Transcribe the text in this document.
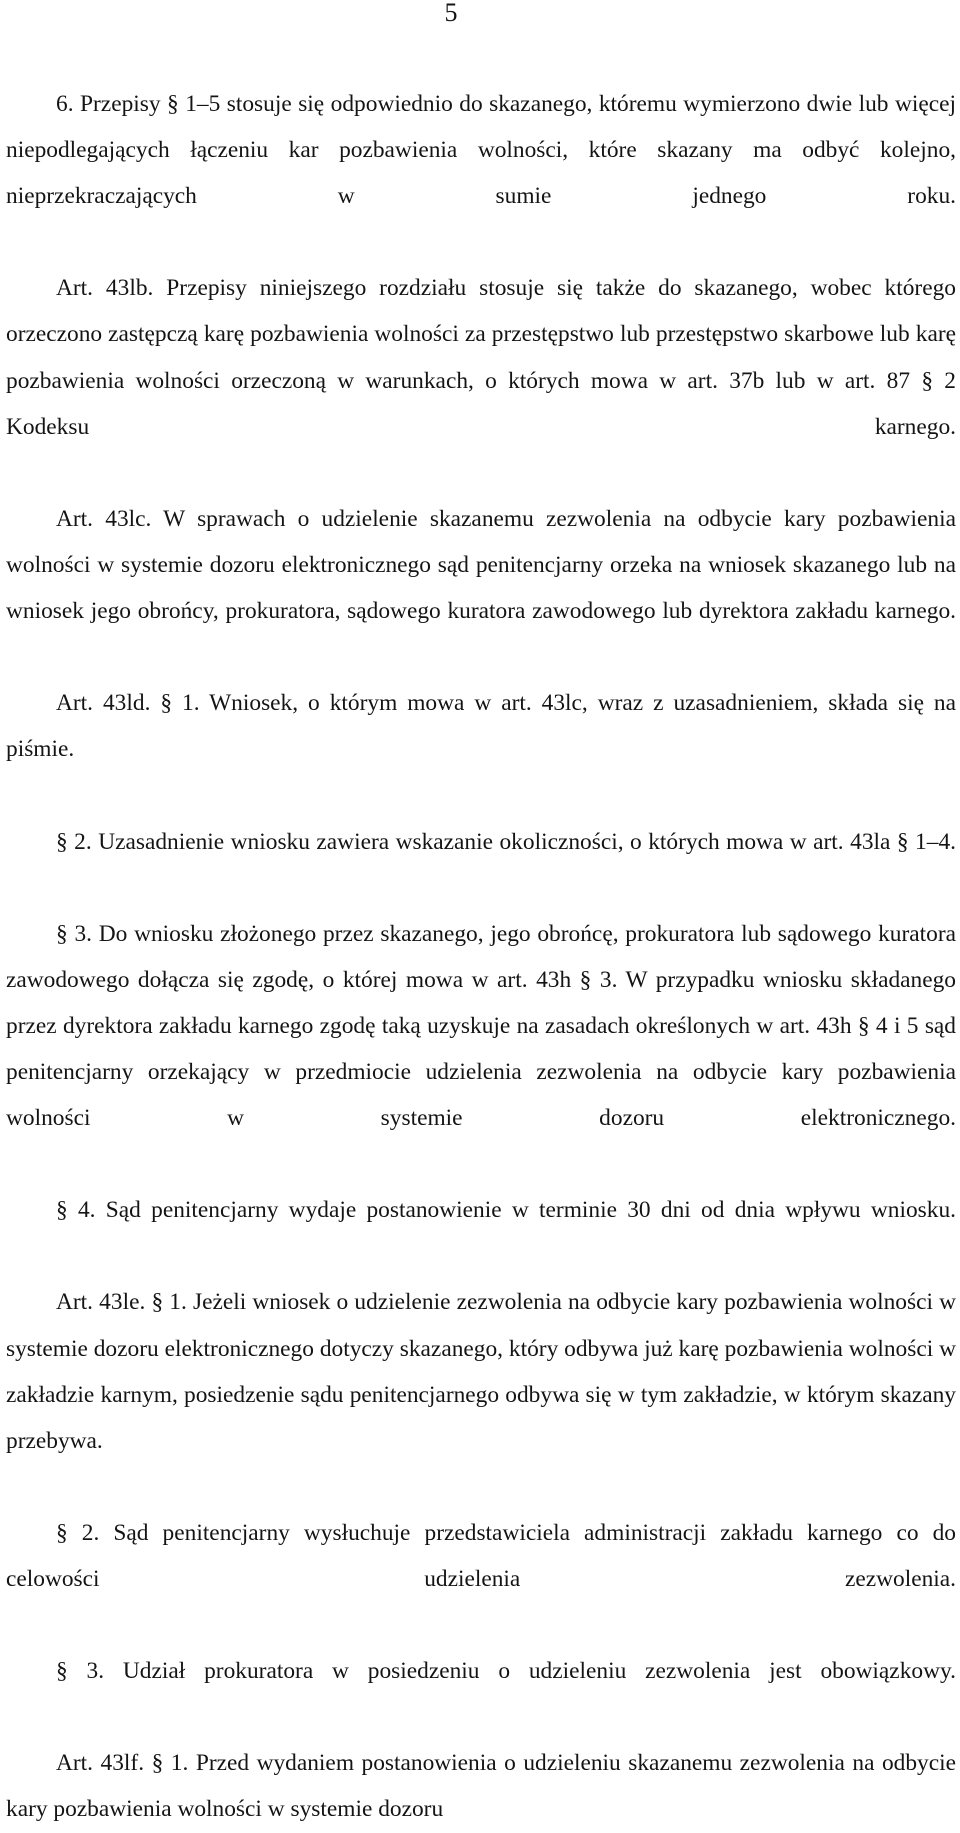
5

6. Przepisy § 1–5 stosuje się odpowiednio do skazanego, któremu wymierzono dwie lub więcej niepodlegających łączeniu kar pozbawienia wolności, które skazany ma odbyć kolejno, nieprzekraczających w sumie jednego roku.

Art. 43lb. Przepisy niniejszego rozdziału stosuje się także do skazanego, wobec którego orzeczono zastępczą karę pozbawienia wolności za przestępstwo lub przestępstwo skarbowe lub karę pozbawienia wolności orzeczoną w warunkach, o których mowa w art. 37b lub w art. 87 § 2 Kodeksu karnego.

Art. 43lc. W sprawach o udzielenie skazanemu zezwolenia na odbycie kary pozbawienia wolności w systemie dozoru elektronicznego sąd penitencjarny orzeka na wniosek skazanego lub na wniosek jego obrońcy, prokuratora, sądowego kuratora zawodowego lub dyrektora zakładu karnego.

Art. 43ld. § 1. Wniosek, o którym mowa w art. 43lc, wraz z uzasadnieniem, składa się na piśmie.

§ 2. Uzasadnienie wniosku zawiera wskazanie okoliczności, o których mowa w art. 43la § 1–4.

§ 3. Do wniosku złożonego przez skazanego, jego obrońcę, prokuratora lub sądowego kuratora zawodowego dołącza się zgodę, o której mowa w art. 43h § 3. W przypadku wniosku składanego przez dyrektora zakładu karnego zgodę taką uzyskuje na zasadach określonych w art. 43h § 4 i 5 sąd penitencjarny orzekający w przedmiocie udzielenia zezwolenia na odbycie kary pozbawienia wolności w systemie dozoru elektronicznego.

§ 4. Sąd penitencjarny wydaje postanowienie w terminie 30 dni od dnia wpływu wniosku.

Art. 43le. § 1. Jeżeli wniosek o udzielenie zezwolenia na odbycie kary pozbawienia wolności w systemie dozoru elektronicznego dotyczy skazanego, który odbywa już karę pozbawienia wolności w zakładzie karnym, posiedzenie sądu penitencjarnego odbywa się w tym zakładzie, w którym skazany przebywa.

§ 2. Sąd penitencjarny wysłuchuje przedstawiciela administracji zakładu karnego co do celowości udzielenia zezwolenia.

§ 3. Udział prokuratora w posiedzeniu o udzieleniu zezwolenia jest obowiązkowy.

Art. 43lf. § 1. Przed wydaniem postanowienia o udzieleniu skazanemu zezwolenia na odbycie kary pozbawienia wolności w systemie dozoru
